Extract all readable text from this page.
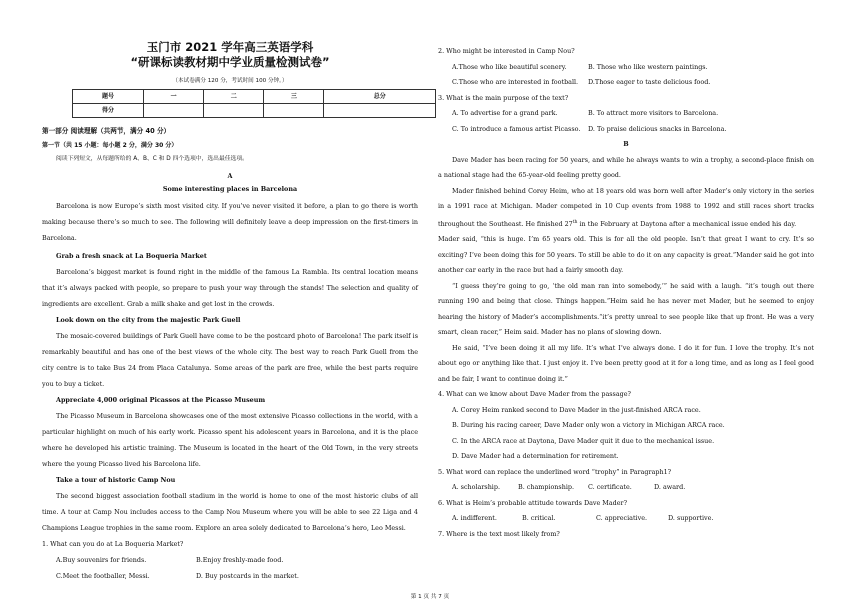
玉门市 2021 学年高三英语学科
“研课标读教材期中学业质量检测试卷”
（本试卷满分 120 分，考试时间 100 分钟。）
题号	一	二	三	总分
得分				
第一部分 阅读理解（共两节，满分 40 分）
第一节（共 15 小题：每小题 2 分，满分 30 分）
阅读下列短文，从每题所给的 A、B、C 和 D 四个选项中，选出最佳选项。
A
Some interesting places in Barcelona
Barcelona is now Europe’s sixth most visited city. If you’ve never visited it before, a plan to go there is worth making because there’s so much to see. The following will definitely leave a deep impression on the first-timers in Barcelona.
Grab a fresh snack at La Boqueria Market
Barcelona’s biggest market is found right in the middle of the famous La Rambla. Its central location means that it’s always packed with people, so prepare to push your way through the stands! The selection and quality of ingredients are excellent. Grab a milk shake and get lost in the crowds.
Look down on the city from the majestic Park Guell
The mosaic-covered buildings of Park Guell have come to be the postcard photo of Barcelona! The park itself is remarkably beautiful and has one of the best views of the whole city. The best way to reach Park Guell from the city centre is to take Bus 24 from Placa Catalunya. Some areas of the park are free, while the best parts require you to buy a ticket.
Appreciate 4,000 original Picassos at the Picasso Museum
The Picasso Museum in Barcelona showcases one of the most extensive Picasso collections in the world, with a particular highlight on much of his early work. Picasso spent his adolescent years in Barcelona, and it is the place where he developed his artistic training. The Museum is located in the heart of the Old Town, in the very streets where the young Picasso lived his Barcelona life.
Take a tour of historic Camp Nou
The second biggest association football stadium in the world is home to one of the most historic clubs of all time. A tour at Camp Nou includes access to the Camp Nou Museum where you will be able to see 22 Liga and 4 Champions League trophies in the same room. Explore an area solely dedicated to Barcelona’s hero, Leo Messi.
1. What can you do at La Boqueria Market?
A.Buy souvenirs for friends.	B.Enjoy freshly-made food.
C.Meet the footballer, Messi.	D. Buy postcards in the market.
2. Who might be interested in Camp Nou?
A.Those who like beautiful scenery.	B. Those who like western paintings.
C.Those who are interested in football.	D.Those eager to taste delicious food.
3. What is the main purpose of the text?
A. To advertise for a grand park.	B. To attract more visitors to Barcelona.
C. To introduce a famous artist Picasso.	D. To praise delicious snacks in Barcelona.
B
Dave Mader has been racing for 50 years, and while he always wants to win a trophy, a second-place finish on a national stage had the 65-year-old feeling pretty good.
Mader finished behind Corey Heim, who at 18 years old was born well after Mader’s only victory in the series in a 1991 race at Michigan. Mader competed in 10 Cup events from 1988 to 1992 and still races short tracks throughout the Southeast. He finished 27th in the February at Daytona after a mechanical issue ended his day.
Mader said, “this is huge. I’m 65 years old. This is for all the old people. Isn’t that great I want to cry. It’s so exciting? I’ve been doing this for 50 years. To still be able to do it on any capacity is great.”Mander said he got into another car early in the race but had a fairly smooth day.
“I guess they’re going to go, ‘the old man ran into somebody,’” he said with a laugh. “it’s tough out there running 190 and being that close. Things happen.”Heim said he has never met Mader, but he seemed to enjoy hearing the history of Mader’s accomplishments.“it’s pretty unreal to see people like that up front. He was a very smart, clean racer,” Heim said. Mader has no plans of slowing down.
He said, “I’ve been doing it all my life. It’s what I’ve always done. I do it for fun. I love the trophy. It’s not about ego or anything like that. I just enjoy it. I’ve been pretty good at it for a long time, and as long as I feel good and be fair, I want to continue doing it.”
4. What can we know about Dave Mader from the passage?
A. Corey Heim ranked second to Dave Mader in the just-finished ARCA race.
B. During his racing career, Dave Mader only won a victory in Michigan ARCA race.
C. In the ARCA race at Daytona, Dave Mader quit it due to the mechanical issue.
D. Dave Mader had a determination for retirement.
5. What word can replace the underlined word “trophy” in Paragraph1?
A. scholarship.	B. championship.	C. certificate.	D. award.
6. What is Heim’s probable attitude towards Dave Mader?
A. indifferent.	B. critical.	C. appreciative.	D. supportive.
7. Where is the text most likely from?
第 1 页 共 7 页
